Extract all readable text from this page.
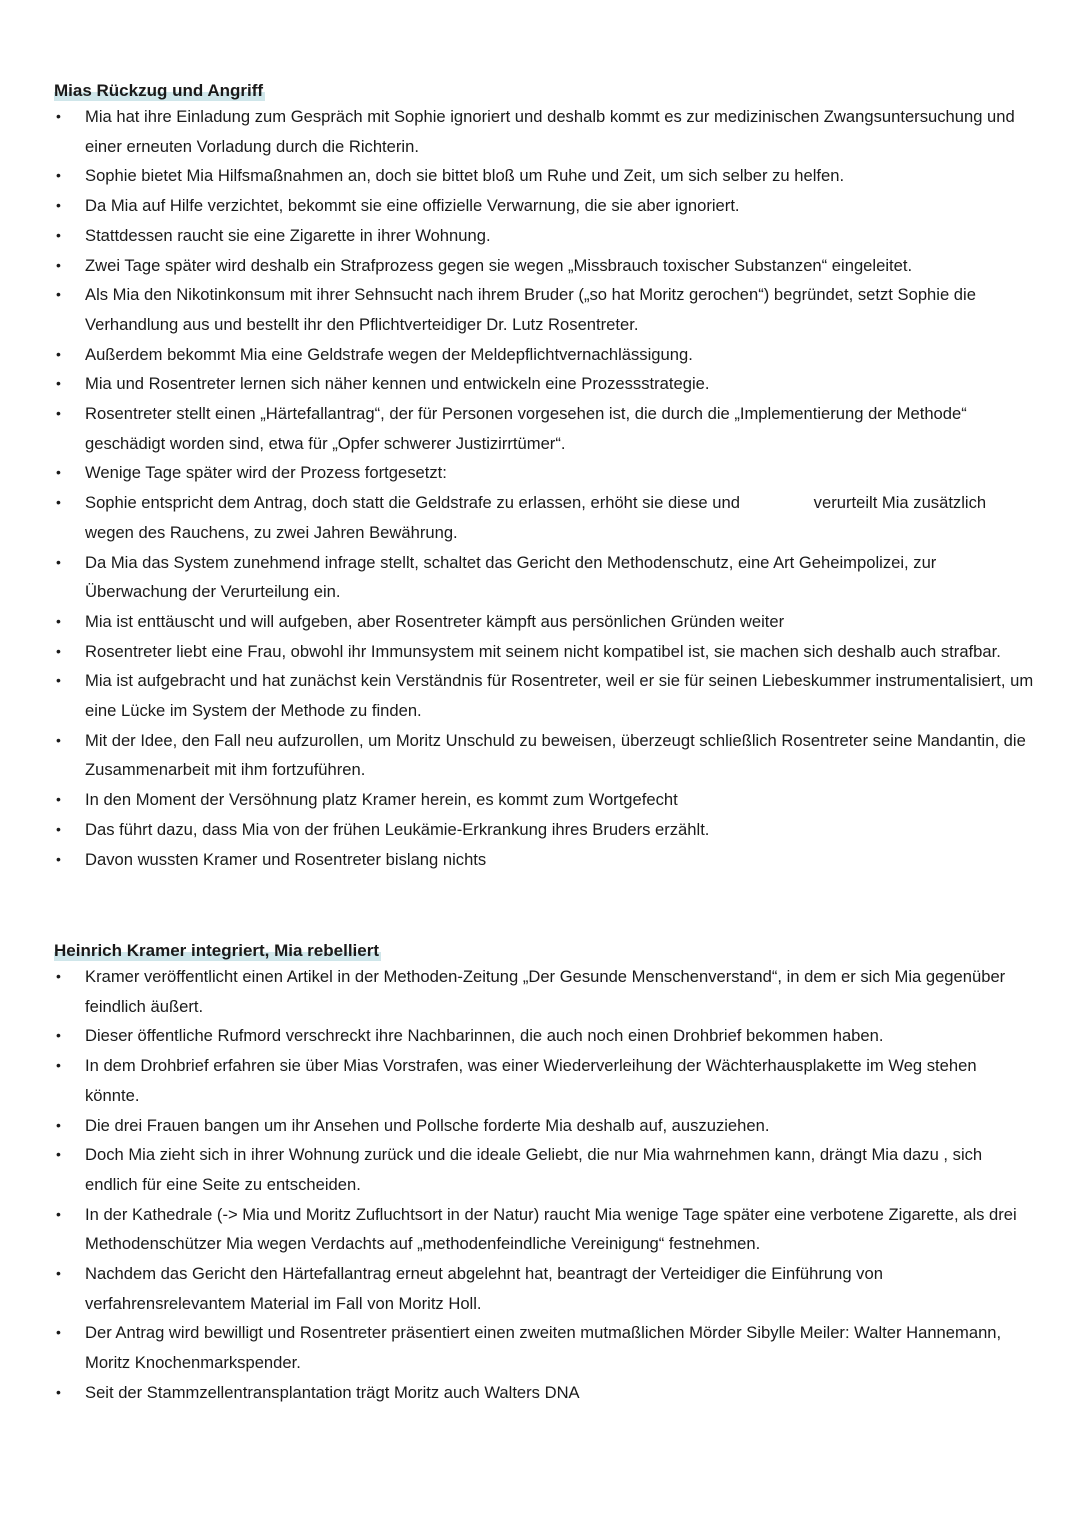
Mias Rückzug und Angriff
• Mia hat ihre Einladung zum Gespräch mit Sophie ignoriert und deshalb kommt es zur medizinischen Zwangsuntersuchung und einer erneuten Vorladung durch die Richterin.
• Sophie bietet Mia Hilfsmaßnahmen an, doch sie bittet bloß um Ruhe und Zeit, um sich selber zu helfen.
• Da Mia auf Hilfe verzichtet, bekommt sie eine offizielle Verwarnung, die sie aber ignoriert.
• Stattdessen raucht sie eine Zigarette in ihrer Wohnung.
• Zwei Tage später wird deshalb ein Strafprozess gegen sie wegen „Missbrauch toxischer Substanzen“ eingeleitet.
• Als Mia den Nikotinkonsum mit ihrer Sehnsucht nach ihrem Bruder („so hat Moritz gerochen“) begründet, setzt Sophie die Verhandlung aus und bestellt ihr den Pflichtverteidiger Dr. Lutz Rosentreter.
• Außerdem bekommt Mia eine Geldstrafe wegen der Meldepflichtvernachlässigung.
• Mia und Rosentreter lernen sich näher kennen und entwickeln eine Prozessstrategie.
• Rosentreter stellt einen „Härtefallantrag“, der für Personen vorgesehen ist, die durch die „Implementierung der Methode“ geschädigt worden sind, etwa für „Opfer schwerer Justizirrtümer“.
• Wenige Tage später wird der Prozess fortgesetzt:
• Sophie entspricht dem Antrag, doch statt die Geldstrafe zu erlassen, erhöht sie diese und                verurteilt Mia zusätzlich wegen des Rauchens, zu zwei Jahren Bewährung.
• Da Mia das System zunehmend infrage stellt, schaltet das Gericht den Methodenschutz, eine Art Geheimpolizei, zur Überwachung der Verurteilung ein.
• Mia ist enttäuscht und will aufgeben, aber Rosentreter kämpft aus persönlichen Gründen weiter
• Rosentreter liebt eine Frau, obwohl ihr Immunsystem mit seinem nicht kompatibel ist, sie machen sich deshalb auch strafbar.
• Mia ist aufgebracht und hat zunächst kein Verständnis für Rosentreter, weil er sie für seinen Liebeskummer instrumentalisiert, um eine Lücke im System der Methode zu finden.
• Mit der Idee, den Fall neu aufzurollen, um Moritz Unschuld zu beweisen, überzeugt schließlich Rosentreter seine Mandantin, die Zusammenarbeit mit ihm fortzuführen.
• In den Moment der Versöhnung platz Kramer herein, es kommt zum Wortgefecht
• Das führt dazu, dass Mia von der frühen Leukämie-Erkrankung ihres Bruders erzählt.
• Davon wussten Kramer und Rosentreter bislang nichts
Heinrich Kramer integriert, Mia rebelliert
• Kramer veröffentlicht einen Artikel in der Methoden-Zeitung „Der Gesunde Menschenverstand“, in dem er sich Mia gegenüber feindlich äußert.
• Dieser öffentliche Rufmord verschreckt ihre Nachbarinnen, die auch noch einen Drohbrief bekommen haben.
• In dem Drohbrief erfahren sie über Mias Vorstrafen, was einer Wiederverleihung der Wächterhausplakette im Weg stehen könnte.
• Die drei Frauen bangen um ihr Ansehen und Pollsche forderte Mia deshalb auf, auszuziehen.
• Doch Mia zieht sich in ihrer Wohnung zurück und die ideale Geliebt, die nur Mia wahrnehmen kann, drängt Mia dazu , sich endlich für eine Seite zu entscheiden.
• In der Kathedrale (-> Mia und Moritz Zufluchtsort in der Natur) raucht Mia wenige Tage später eine verbotene Zigarette, als drei Methodenschützer Mia wegen Verdachts auf „methodenfeindliche Vereinigung“ festnehmen.
• Nachdem das Gericht den Härtefallantrag erneut abgelehnt hat, beantragt der Verteidiger die Einführung von verfahrensrelevantem Material im Fall von Moritz Holl.
• Der Antrag wird bewilligt und Rosentreter präsentiert einen zweiten mutmaßlichen Mörder Sibylle Meiler: Walter Hannemann, Moritz Knochenmarkspender.
• Seit der Stammzellentransplantation trägt Moritz auch Walters DNA
